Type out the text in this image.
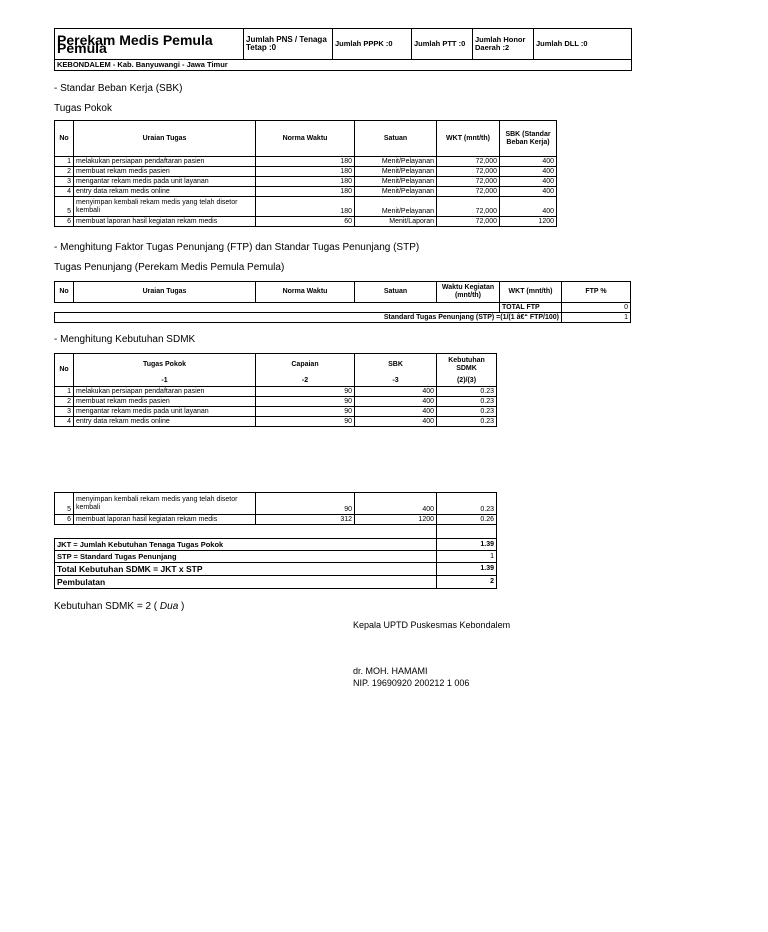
Perekam Medis Pemula Pemula	Jumlah PNS / Tenaga Tetap :0	Jumlah PPPK :0	Jumlah PTT :0	Jumlah Honor Daerah :2	Jumlah DLL :0
KEBONDALEM - Kab. Banyuwangi - Jawa Timur
- Standar Beban Kerja (SBK)
Tugas Pokok
No	Uraian Tugas	Norma Waktu	Satuan	WKT (mnt/th)	SBK (Standar Beban Kerja)
1	melakukan persiapan pendaftaran pasien	180	Menit/Pelayanan	72,000	400
2	membuat rekam medis pasien	180	Menit/Pelayanan	72,000	400
3	mengantar rekam medis pada unit layanan	180	Menit/Pelayanan	72,000	400
4	entry data rekam medis online	180	Menit/Pelayanan	72,000	400
5	menyimpan kembali rekam medis yang telah disetor kembali	180	Menit/Pelayanan	72,000	400
6	membuat laporan hasil kegiatan rekam medis	60	Menit/Laporan	72,000	1200
- Menghitung Faktor Tugas Penunjang (FTP) dan Standar Tugas Penunjang (STP)
Tugas Penunjang (Perekam Medis Pemula Pemula)
No	Uraian Tugas	Norma Waktu	Satuan	Waktu Kegiatan (mnt/th)	WKT (mnt/th)	FTP %
					TOTAL FTP	0
Standard Tugas Penunjang (STP) =(1/(1 â€“ FTP/100)						1
- Menghitung Kebutuhan SDMK
No	Tugas Pokok	Capaian	SBK	Kebutuhan SDMK
	-1	-2	-3	(2)/(3)
1	melakukan persiapan pendaftaran pasien	90	400	0.23
2	membuat rekam medis pasien	90	400	0.23
3	mengantar rekam medis pada unit layanan	90	400	0.23
4	entry data rekam medis online	90	400	0.23
5	menyimpan kembali rekam medis yang telah disetor kembali	90	400	0.23
6	membuat laporan hasil kegiatan rekam medis	312	1200	0.26

JKT = Jumlah Kebutuhan Tenaga Tugas Pokok				1.39
STP = Standard Tugas Penunjang				1
Total Kebutuhan SDMK = JKT x STP				1.39
Pembulatan				2
Kebutuhan SDMK = 2 ( Dua )
Kepala UPTD Puskesmas Kebondalem
dr. MOH. HAMAMI
NIP. 19690920 200212 1 006
